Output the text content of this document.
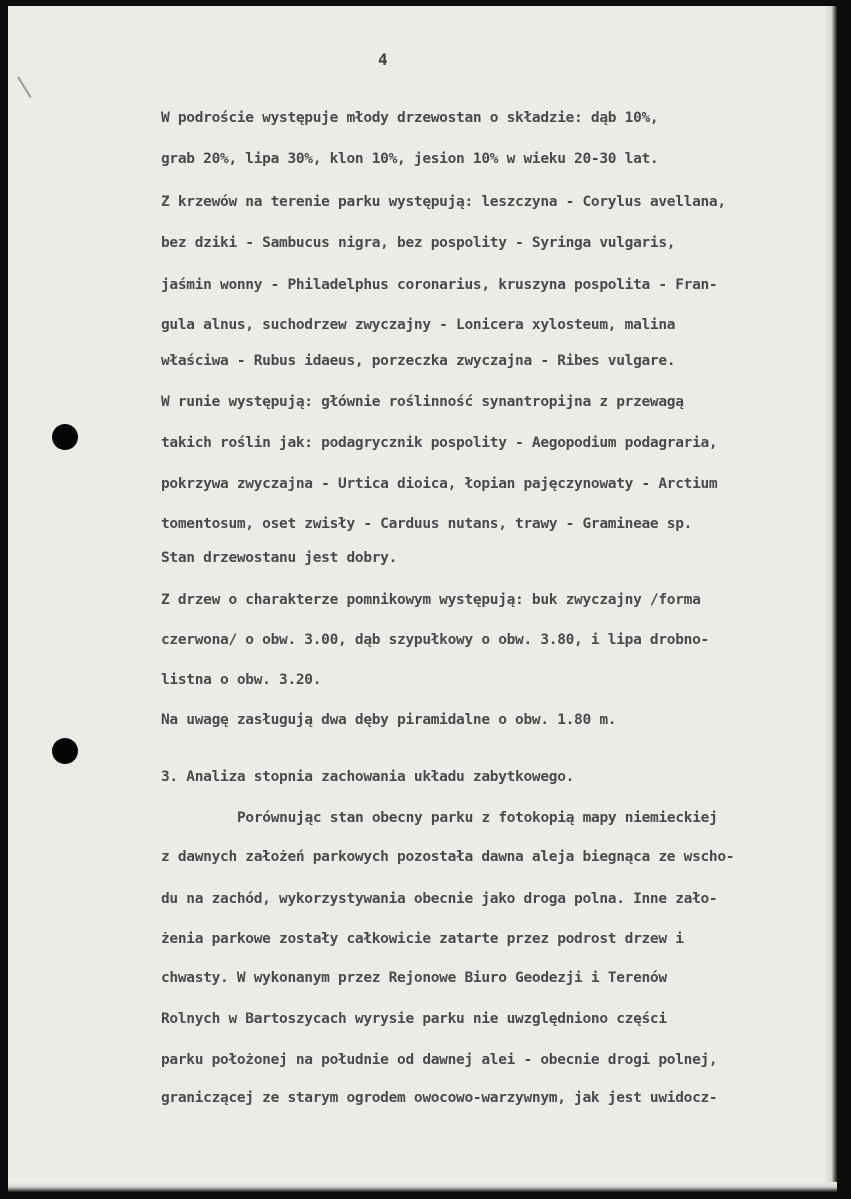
4
W podroście występuje młody drzewostan o składzie: dąb 10%,
grab 20%, lipa 30%, klon 10%, jesion 10% w wieku 20-30 lat.
Z krzewów na terenie parku występują: leszczyna - Corylus avellana,
bez dziki - Sambucus nigra, bez pospolity - Syringa vulgaris,
jaśmin wonny - Philadelphus coronarius, kruszyna pospolita - Fran-
gula alnus, suchodrzew zwyczajny - Lonicera xylosteum, malina
właściwa - Rubus idaeus, porzeczka zwyczajna - Ribes vulgare.
W runie występują: głównie roślinność synantropijna z przewagą
takich roślin jak: podagrycznik pospolity - Aegopodium podagraria,
pokrzywa zwyczajna - Urtica dioica, łopian pajęczynowaty - Arctium
tomentosum, oset zwisły - Carduus nutans, trawy - Gramineae sp.
Stan drzewostanu jest dobry.
Z drzew o charakterze pomnikowym występują: buk zwyczajny /forma
czerwona/ o obw. 3.00, dąb szypułkowy o obw. 3.80, i lipa drobno-
listna o obw. 3.20.
Na uwagę zasługują dwa dęby piramidalne o obw. 1.80 m.
3. Analiza stopnia zachowania układu zabytkowego.
Porównując stan obecny parku z fotokopią mapy niemieckiej
z dawnych założeń parkowych pozostała dawna aleja biegnąca ze wscho-
du na zachód, wykorzystywania obecnie jako droga polna. Inne zało-
żenia parkowe zostały całkowicie zatarte przez podrost drzew i
chwasty. W wykonanym przez Rejonowe Biuro Geodezji i Terenów
Rolnych w Bartoszycach wyrysie parku nie uwzględniono części
parku położonej na południe od dawnej alei - obecnie drogi polnej,
graniczącej ze starym ogrodem owocowo-warzywnym, jak jest uwidocz-
